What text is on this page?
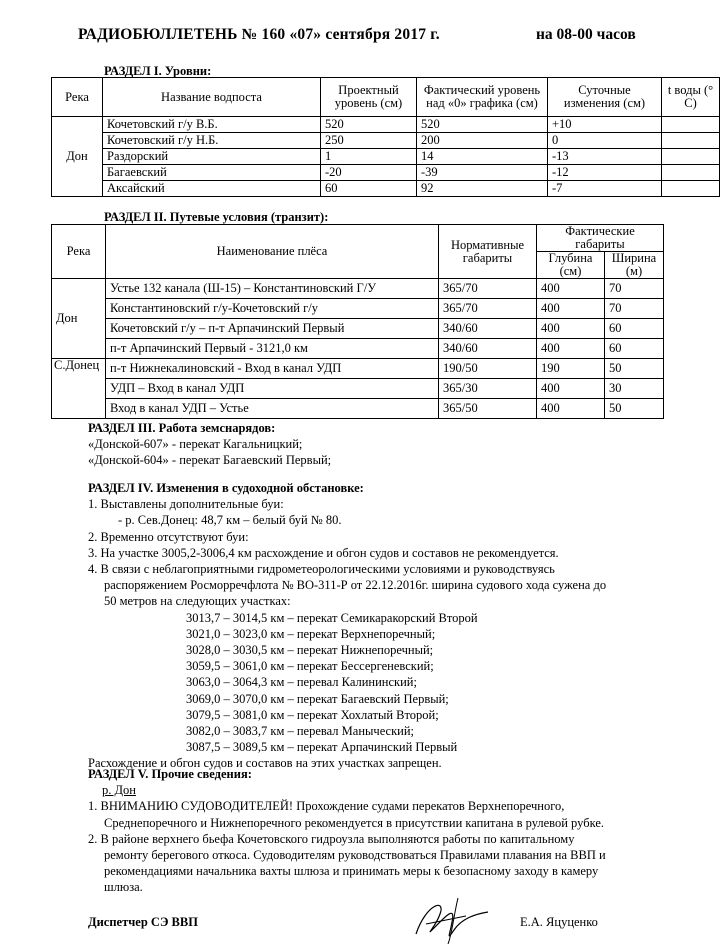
РАДИОБЮЛЛЕТЕНЬ № 160 «07» сентября 2017 г.	на 08-00 часов
РАЗДЕЛ I. Уровни:
Река	Название водпоста	Проектный уровень (см)	Фактический уровень над «0» графика (см)	Суточные изменения (см)	t воды (° С)
Дон	Кочетовский г/у В.Б.	520	520	+10	
	Кочетовский г/у Н.Б.	250	200	0	
	Раздорский	1	14	-13	
	Багаевский	-20	-39	-12	
	Аксайский	60	92	-7	
РАЗДЕЛ II. Путевые условия (транзит):
Река	Наименование плёса	Нормативные габариты	Фактические габариты	
			Глубина (см)	Ширина (м)
Дон	Устье 132 канала (Ш-15) – Константиновский Г/У	365/70	400	70
	Константиновский г/у-Кочетовский г/у	365/70	400	70
	Кочетовский г/у – п-т Арпачинский Первый	340/60	400	60
	п-т Арпачинский Первый - 3121,0 км	340/60	400	60
С.Донец	п-т Нижнекалиновский - Вход в канал УДП	190/50	190	50
	УДП – Вход в канал УДП	365/30	400	30
	Вход в канал УДП – Устье	365/50	400	50
РАЗДЕЛ III. Работа земснарядов:
«Донской-607» - перекат Кагальницкий;
«Донской-604» - перекат Багаевский Первый;
РАЗДЕЛ IV. Изменения в судоходной обстановке:
1. Выставлены дополнительные буи:
- р. Сев.Донец: 48,7 км – белый буй № 80.
2. Временно отсутствуют буи:
3. На участке 3005,2-3006,4 км расхождение и обгон судов и составов не рекомендуется.
4. В связи с неблагоприятными гидрометеорологическими условиями и руководствуясь
распоряжением Росморречфлота № ВО-311-Р от 22.12.2016г. ширина судового хода сужена до
50 метров на следующих участках:
3013,7 – 3014,5 км – перекат Семикаракорский Второй
3021,0 – 3023,0 км – перекат Верхнепоречный;
3028,0 – 3030,5 км – перекат Нижнепоречный;
3059,5 – 3061,0 км – перекат Бессергеневский;
3063,0 – 3064,3 км – перевал Калининский;
3069,0 – 3070,0 км – перекат Багаевский Первый;
3079,5 – 3081,0 км – перекат Хохлатый Второй;
3082,0 – 3083,7 км – перевал Маныческий;
3087,5 – 3089,5 км – перекат Арпачинский Первый
Расхождение и обгон судов и составов на этих участках запрещен.
РАЗДЕЛ V. Прочие сведения:
р. Дон
1. ВНИМАНИЮ СУДОВОДИТЕЛЕЙ! Прохождение судами перекатов Верхнепоречного,
Среднепоречного и Нижнепоречного рекомендуется в присутствии капитана в рулевой рубке.
2. В районе верхнего бьефа Кочетовского гидроузла выполняются работы по капитальному
ремонту берегового откоса. Судоводителям руководствоваться Правилами плавания на ВВП и
рекомендациями начальника вахты шлюза и принимать меры к безопасному заходу в камеру
шлюза.
Диспетчер СЭ ВВП	Е.А. Яцуценко
